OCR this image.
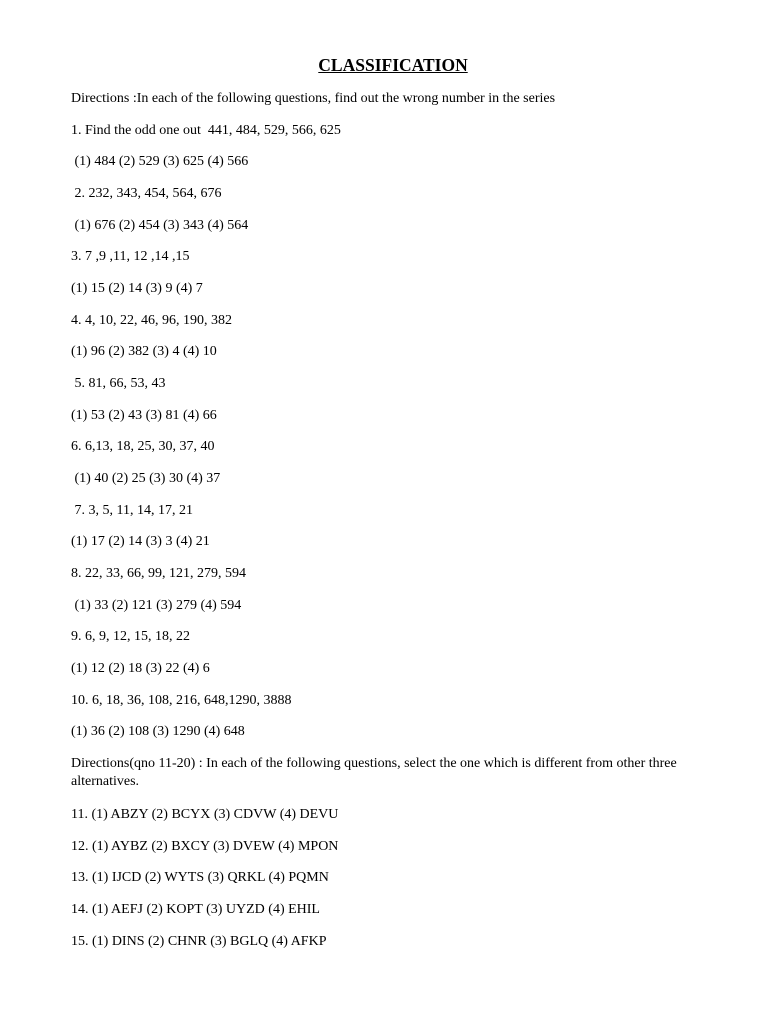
CLASSIFICATION
Directions :In each of the following questions, find out the wrong number in the series
1. Find the odd one out  441, 484, 529, 566, 625
(1) 484 (2) 529 (3) 625 (4) 566
2. 232, 343, 454, 564, 676
(1) 676 (2) 454 (3) 343 (4) 564
3. 7 ,9 ,11, 12 ,14 ,15
(1) 15 (2) 14 (3) 9 (4) 7
4. 4, 10, 22, 46, 96, 190, 382
(1) 96 (2) 382 (3) 4 (4) 10
5. 81, 66, 53, 43
(1) 53 (2) 43 (3) 81 (4) 66
6. 6,13, 18, 25, 30, 37, 40
(1) 40 (2) 25 (3) 30 (4) 37
7. 3, 5, 11, 14, 17, 21
(1) 17 (2) 14 (3) 3 (4) 21
8. 22, 33, 66, 99, 121, 279, 594
(1) 33 (2) 121 (3) 279 (4) 594
9. 6, 9, 12, 15, 18, 22
(1) 12 (2) 18 (3) 22 (4) 6
10. 6, 18, 36, 108, 216, 648,1290, 3888
(1) 36 (2) 108 (3) 1290 (4) 648
Directions(qno 11-20) : In each of the following questions, select the one which is different from other three alternatives.
11. (1) ABZY (2) BCYX (3) CDVW (4) DEVU
12. (1) AYBZ (2) BXCY (3) DVEW (4) MPON
13. (1) IJCD (2) WYTS (3) QRKL (4) PQMN
14. (1) AEFJ (2) KOPT (3) UYZD (4) EHIL
15. (1) DINS (2) CHNR (3) BGLQ (4) AFKP
